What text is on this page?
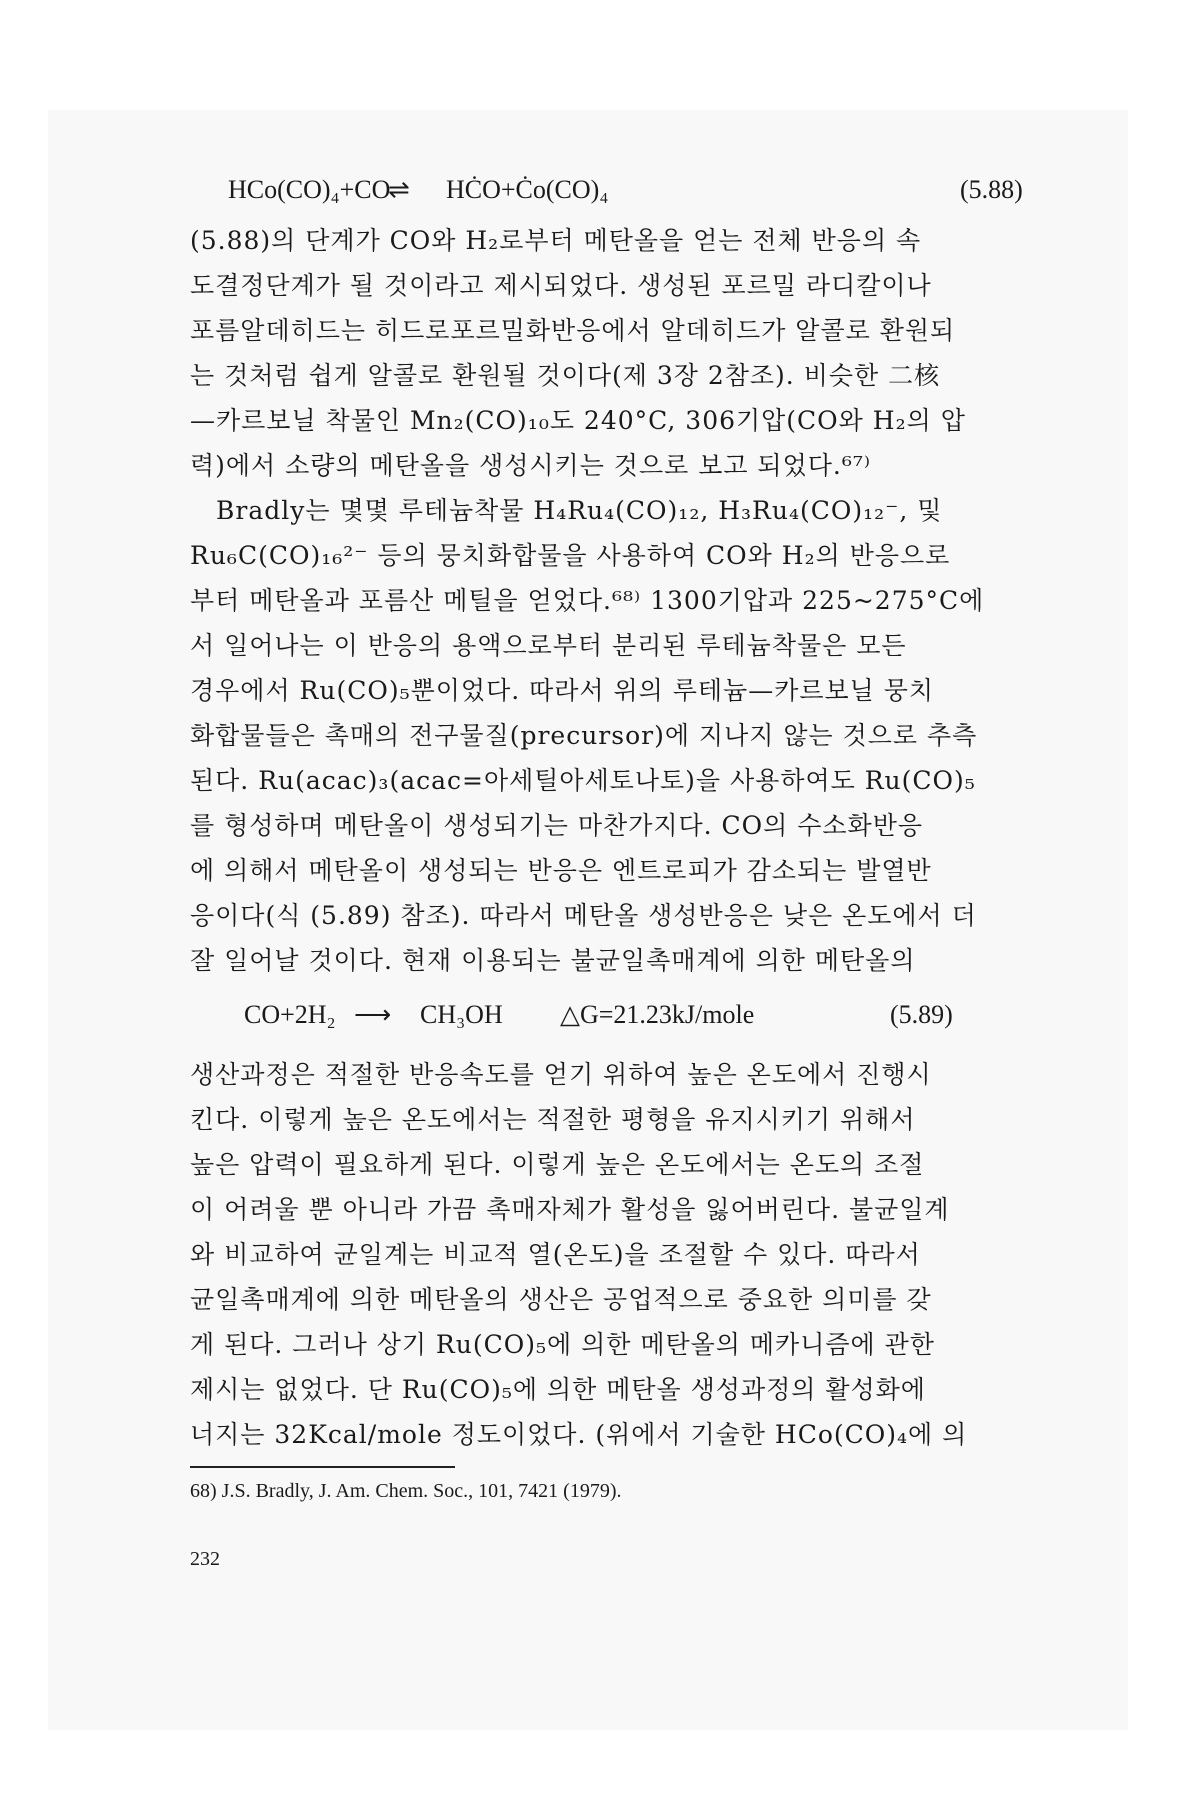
HCo(CO)₄+CO
⇌ HĊO+Ċo(CO)₄	(5.88)
(5.88)의 단계가 CO와 H₂로부터 메탄올을 얻는 전체 반응의 속
도결정단계가 될 것이라고 제시되었다. 생성된 포르밀 라디칼이나
포름알데히드는 히드로포르밀화반응에서 알데히드가 알콜로 환원되
는 것처럼 쉽게 알콜로 환원될 것이다(제 3장 2참조). 비슷한 二核
—카르보닐 착물인 Mn₂(CO)₁₀도 240°C, 306기압(CO와 H₂의 압
력)에서 소량의 메탄올을 생성시키는 것으로 보고 되었다.⁶⁷⁾
Bradly는 몇몇 루테늄착물 H₄Ru₄(CO)₁₂, H₃Ru₄(CO)₁₂⁻, 및
Ru₆C(CO)₁₆²⁻ 등의 뭉치화합물을 사용하여 CO와 H₂의 반응으로
부터 메탄올과 포름산 메틸을 얻었다.⁶⁸⁾ 1300기압과 225~275°C에
서 일어나는 이 반응의 용액으로부터 분리된 루테늄착물은 모든
경우에서 Ru(CO)₅뿐이었다. 따라서 위의 루테늄—카르보닐 뭉치
화합물들은 촉매의 전구물질(precursor)에 지나지 않는 것으로 추측
된다. Ru(acac)₃(acac=아세틸아세토나토)을 사용하여도 Ru(CO)₅
를 형성하며 메탄올이 생성되기는 마찬가지다. CO의 수소화반응
에 의해서 메탄올이 생성되는 반응은 엔트로피가 감소되는 발열반
응이다(식 (5.89) 참조). 따라서 메탄올 생성반응은 낮은 온도에서 더
잘 일어날 것이다. 현재 이용되는 불균일촉매계에 의한 메탄올의
CO+2H₂ ⟶ CH₃OH △G=21.23kJ/mole	(5.89)
생산과정은 적절한 반응속도를 얻기 위하여 높은 온도에서 진행시
킨다. 이렇게 높은 온도에서는 적절한 평형을 유지시키기 위해서
높은 압력이 필요하게 된다. 이렇게 높은 온도에서는 온도의 조절
이 어려울 뿐 아니라 가끔 촉매자체가 활성을 잃어버린다. 불균일계
와 비교하여 균일계는 비교적 열(온도)을 조절할 수 있다. 따라서
균일촉매계에 의한 메탄올의 생산은 공업적으로 중요한 의미를 갖
게 된다. 그러나 상기 Ru(CO)₅에 의한 메탄올의 메카니즘에 관한
제시는 없었다. 단 Ru(CO)₅에 의한 메탄올 생성과정의 활성화에
너지는 32Kcal/mole 정도이었다. (위에서 기술한 HCo(CO)₄에 의
68) J.S. Bradly, J. Am. Chem. Soc., 101, 7421 (1979).
232
